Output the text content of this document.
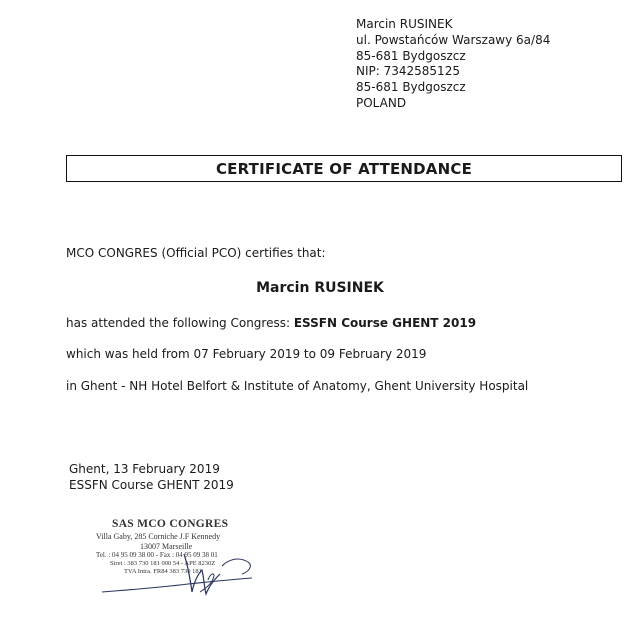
Marcin RUSINEK
ul. Powstańców Warszawy 6a/84
85-681 Bydgoszcz
NIP: 7342585125
85-681 Bydgoszcz
POLAND
CERTIFICATE OF ATTENDANCE
MCO CONGRES (Official PCO) certifies that:
Marcin RUSINEK
has attended the following Congress: ESSFN Course GHENT 2019
which was held from 07 February 2019 to 09 February 2019
in Ghent - NH Hotel Belfort & Institute of Anatomy, Ghent University Hospital
Ghent, 13 February 2019
ESSFN Course GHENT 2019
SAS MCO CONGRES
Villa Gaby, 285 Corniche J.F Kennedy
13007 Marseille
Tel. : 04 95 09 38 00 - Fax : 04 95 09 38 01
Siret : 383 730 181 000 54 - APE 8230Z
TVA Intra. FR84 383 730 181
